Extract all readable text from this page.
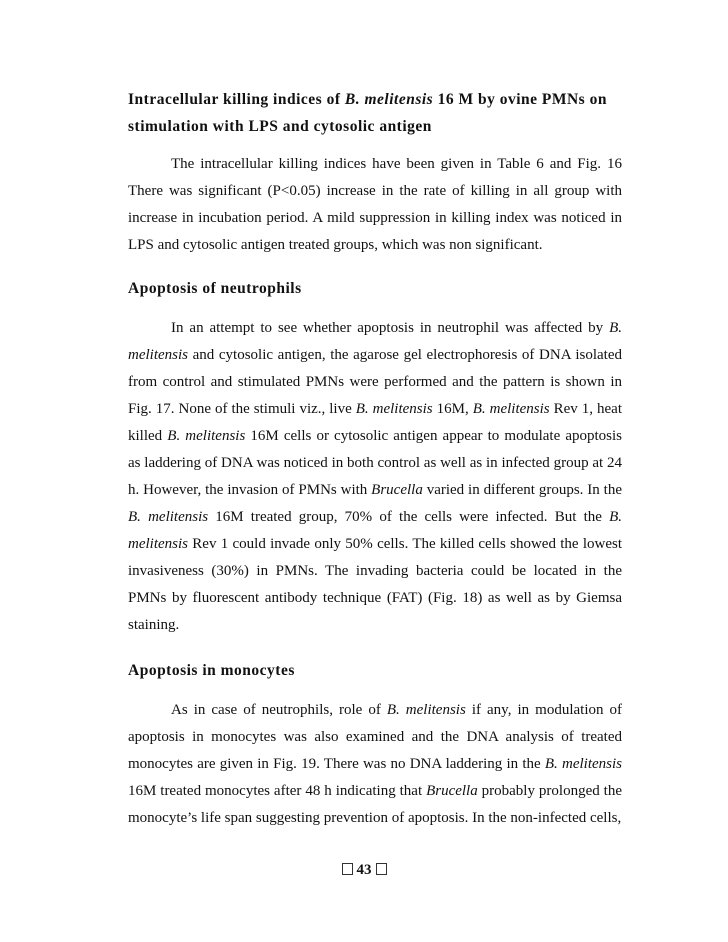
Intracellular killing indices of B. melitensis 16 M by ovine PMNs on stimulation with LPS and cytosolic antigen

The intracellular killing indices have been given in Table 6 and Fig. 16 There was significant (P<0.05) increase in the rate of killing in all group with increase in incubation period. A mild suppression in killing index was noticed in LPS and cytosolic antigen treated groups, which was non significant.

Apoptosis of neutrophils

In an attempt to see whether apoptosis in neutrophil was affected by B. melitensis and cytosolic antigen, the agarose gel electrophoresis of DNA isolated from control and stimulated PMNs were performed and the pattern is shown in Fig. 17. None of the stimuli viz., live B. melitensis 16M, B. melitensis Rev 1, heat killed B. melitensis 16M cells or cytosolic antigen appear to modulate apoptosis as laddering of DNA was noticed in both control as well as in infected group at 24 h. However, the invasion of PMNs with Brucella varied in different groups. In the B. melitensis 16M treated group, 70% of the cells were infected. But the B. melitensis Rev 1 could invade only 50% cells. The killed cells showed the lowest invasiveness (30%) in PMNs. The invading bacteria could be located in the PMNs by fluorescent antibody technique (FAT) (Fig. 18) as well as by Giemsa staining.

Apoptosis in monocytes

As in case of neutrophils, role of B. melitensis if any, in modulation of apoptosis in monocytes was also examined and the DNA analysis of treated monocytes are given in Fig. 19. There was no DNA laddering in the B. melitensis 16M treated monocytes after 48 h indicating that Brucella probably prolonged the monocyte’s life span suggesting prevention of apoptosis. In the non-infected cells,

43
